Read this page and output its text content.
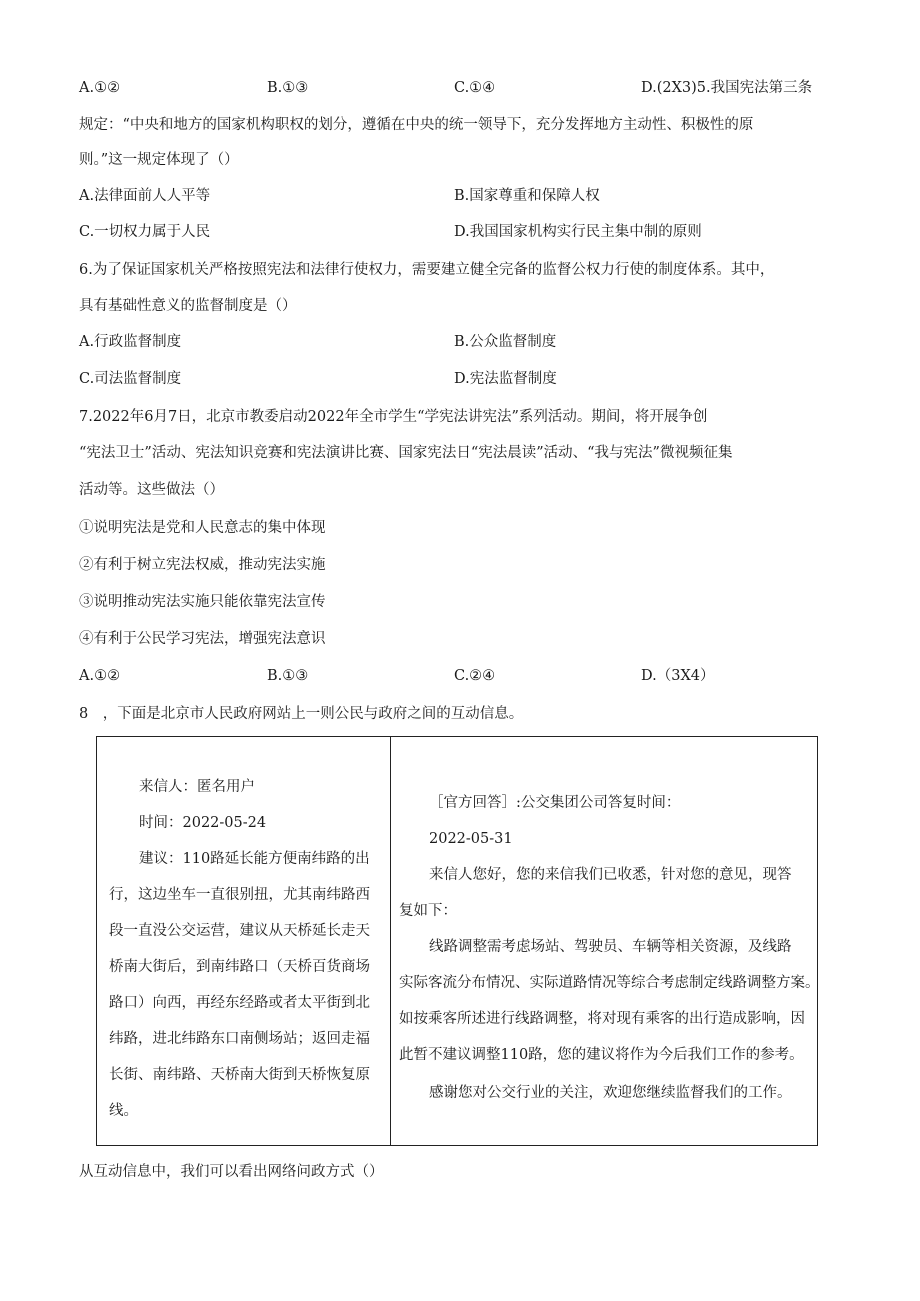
A.①②	B.①③	C.①④	D.(2X3)5.我国宪法第三条
规定：“中央和地方的国家机构职权的划分，遵循在中央的统一领导下，充分发挥地方主动性、积极性的原
则。”这一规定体现了（）
A.法律面前人人平等	B.国家尊重和保障人权
C.一切权力属于人民	D.我国国家机构实行民主集中制的原则
6.为了保证国家机关严格按照宪法和法律行使权力，需要建立健全完备的监督公权力行使的制度体系。其中，
具有基础性意义的监督制度是（）
A.行政监督制度	B.公众监督制度
C.司法监督制度	D.宪法监督制度
7.2022年6月7日，北京市教委启动2022年全市学生“学宪法讲宪法”系列活动。期间，将开展争创
“宪法卫士”活动、宪法知识竞赛和宪法演讲比赛、国家宪法日“宪法晨读”活动、“我与宪法”微视频征集
活动等。这些做法（）
①说明宪法是党和人民意志的集中体现
②有利于树立宪法权威，推动宪法实施
③说明推动宪法实施只能依靠宪法宣传
④有利于公民学习宪法，增强宪法意识
A.①②	B.①③	C.②④	D.（3X4）
8　，下面是北京市人民政府网站上一则公民与政府之间的互动信息。
来信人：匿名用户
时间：2022-05-24
建议：110路延长能方便南纬路的出
行，这边坐车一直很别扭，尤其南纬路西
段一直没公交运营，建议从天桥延长走天
桥南大街后，到南纬路口（天桥百货商场
路口）向西，再经东经路或者太平街到北
纬路，进北纬路东口南侧场站；返回走福
长街、南纬路、天桥南大街到天桥恢复原
线。
［官方回答］:公交集团公司答复时间：
2022-05-31
来信人您好，您的来信我们已收悉，针对您的意见，现答
复如下：
线路调整需考虑场站、驾驶员、车辆等相关资源，及线路
实际客流分布情况、实际道路情况等综合考虑制定线路调整方案。
如按乘客所述进行线路调整，将对现有乘客的出行造成影响，因
此暂不建议调整110路，您的建议将作为今后我们工作的参考。
感谢您对公交行业的关注，欢迎您继续监督我们的工作。
从互动信息中，我们可以看出网络问政方式（）
